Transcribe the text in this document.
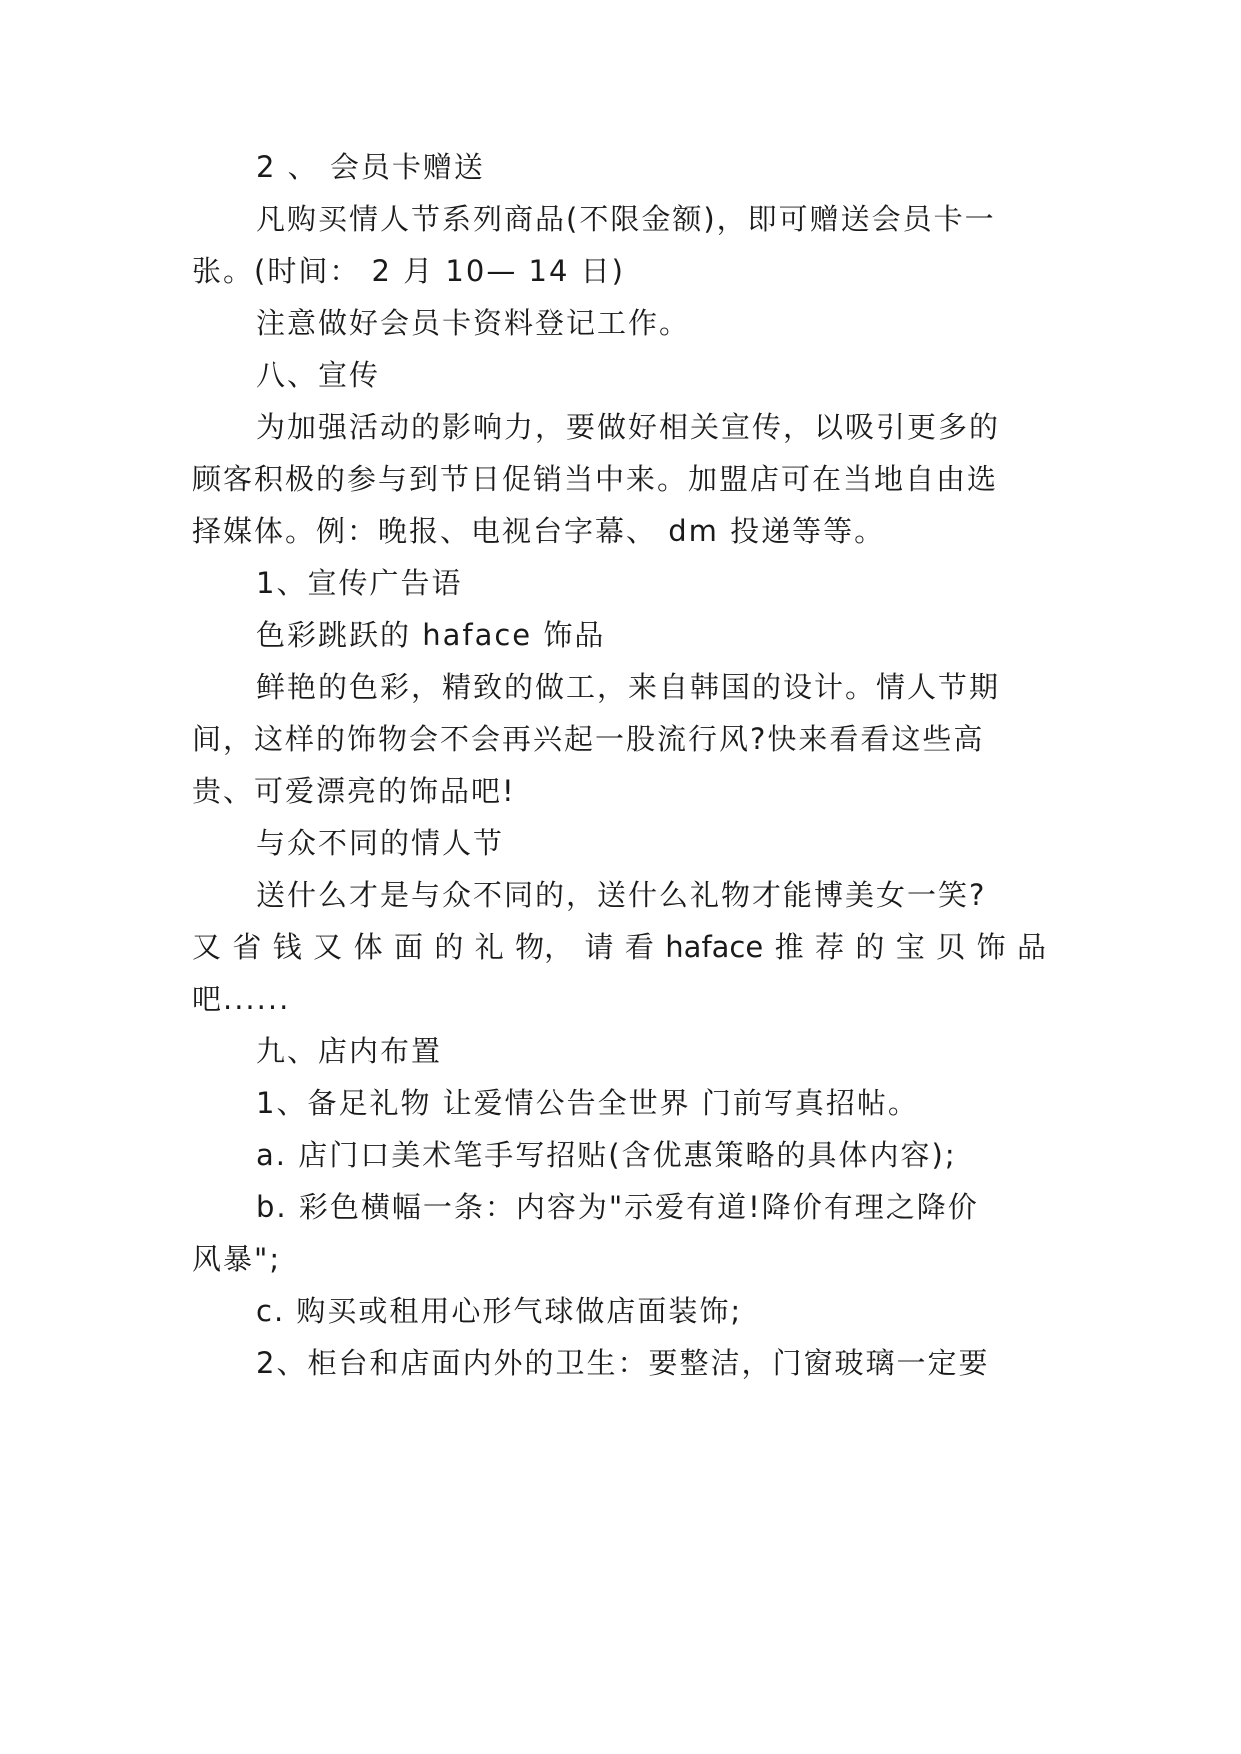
2 、 会员卡赠送

凡购买情人节系列商品(不限金额)，即可赠送会员卡一

张。(时间： 2 月 10— 14 日)

注意做好会员卡资料登记工作。

八、宣传

为加强活动的影响力，要做好相关宣传，以吸引更多的

顾客积极的参与到节日促销当中来。加盟店可在当地自由选

择媒体。例：晚报、电视台字幕、 dm 投递等等。

1、宣传广告语

色彩跳跃的 haface 饰品

鲜艳的色彩，精致的做工，来自韩国的设计。情人节期

间，这样的饰物会不会再兴起一股流行风?快来看看这些高

贵、可爱漂亮的饰品吧!

与众不同的情人节

送什么才是与众不同的，送什么礼物才能博美女一笑?

又 省 钱 又 体 面 的 礼 物， 请 看 haface 推 荐 的 宝 贝 饰 品

吧......

九、店内布置

1、备足礼物 让爱情公告全世界 门前写真招帖。

a. 店门口美术笔手写招贴(含优惠策略的具体内容);

b. 彩色横幅一条：内容为"示爱有道!降价有理之降价

风暴";

c. 购买或租用心形气球做店面装饰;

2、柜台和店面内外的卫生：要整洁，门窗玻璃一定要
